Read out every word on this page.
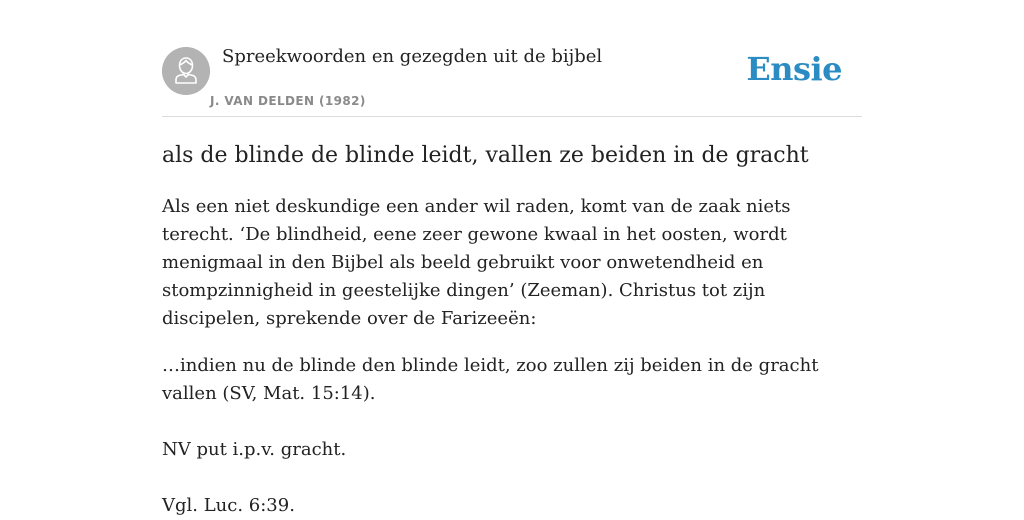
Spreekwoorden en gezegden uit de bijbel
J. VAN DELDEN (1982)
Ensie
als de blinde de blinde leidt, vallen ze beiden in de gracht

Als een niet deskundige een ander wil raden, komt van de zaak niets terecht. ‘De blindheid, eene zeer gewone kwaal in het oosten, wordt menigmaal in den Bijbel als beeld gebruikt voor onwetendheid en stompzinnigheid in geestelijke dingen’ (Zeeman). Christus tot zijn discipelen, sprekende over de Farizeeën:

…indien nu de blinde den blinde leidt, zoo zullen zij beiden in de gracht vallen (SV, Mat. 15:14).

NV put i.p.v. gracht.

Vgl. Luc. 6:39.
